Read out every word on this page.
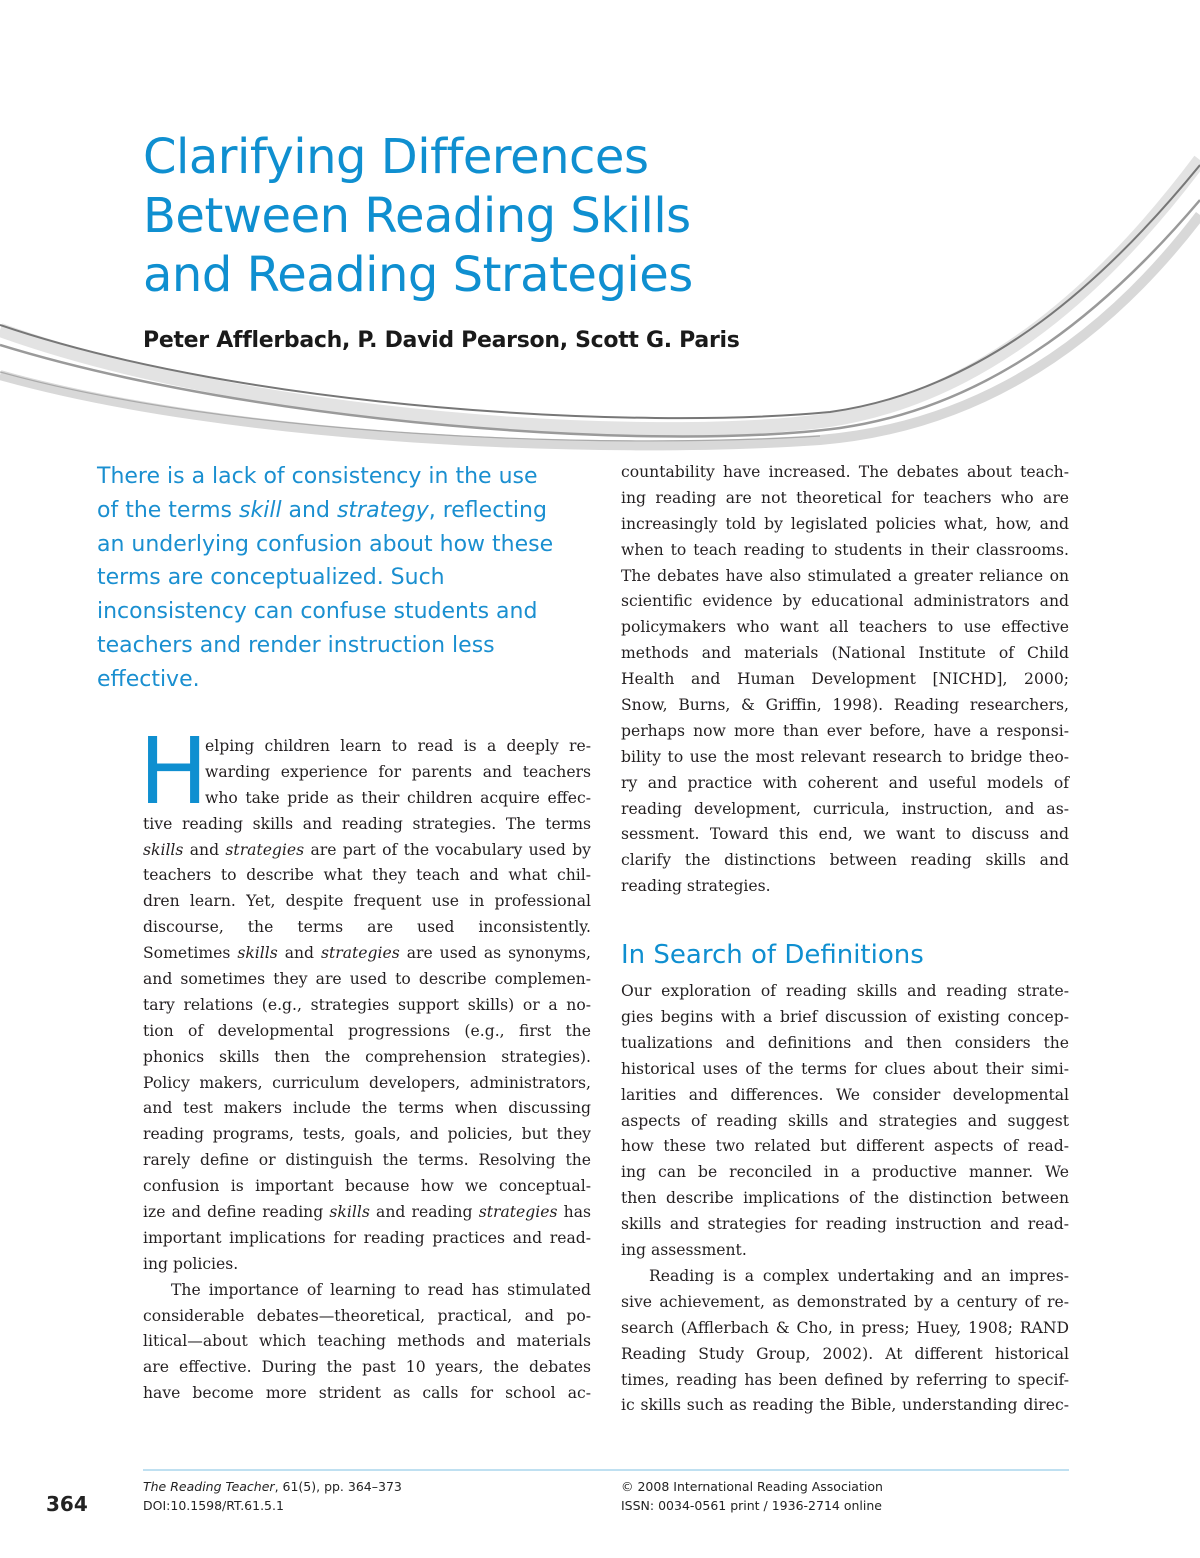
Clarifying Differences
Between Reading Skills
and Reading Strategies
Peter Afflerbach, P. David Pearson, Scott G. Paris
There is a lack of consistency in the use
of the terms skill and strategy, reflecting
an underlying confusion about how these
terms are conceptualized. Such
inconsistency can confuse students and
teachers and render instruction less
effective.
H
elping children learn to read is a deeply re-
warding experience for parents and teachers
who take pride as their children acquire effec-
tive reading skills and reading strategies. The terms
skills and strategies are part of the vocabulary used by
teachers to describe what they teach and what chil-
dren learn. Yet, despite frequent use in professional
discourse, the terms are used inconsistently.
Sometimes skills and strategies are used as synonyms,
and sometimes they are used to describe complemen-
tary relations (e.g., strategies support skills) or a no-
tion of developmental progressions (e.g., first the
phonics skills then the comprehension strategies).
Policy makers, curriculum developers, administrators,
and test makers include the terms when discussing
reading programs, tests, goals, and policies, but they
rarely define or distinguish the terms. Resolving the
confusion is important because how we conceptual-
ize and define reading skills and reading strategies has
important implications for reading practices and read-
ing policies.
The importance of learning to read has stimulated
considerable debates—theoretical, practical, and po-
litical—about which teaching methods and materials
are effective. During the past 10 years, the debates
have become more strident as calls for school ac-
countability have increased. The debates about teach-
ing reading are not theoretical for teachers who are
increasingly told by legislated policies what, how, and
when to teach reading to students in their classrooms.
The debates have also stimulated a greater reliance on
scientific evidence by educational administrators and
policymakers who want all teachers to use effective
methods and materials (National Institute of Child
Health and Human Development [NICHD], 2000;
Snow, Burns, & Griffin, 1998). Reading researchers,
perhaps now more than ever before, have a responsi-
bility to use the most relevant research to bridge theo-
ry and practice with coherent and useful models of
reading development, curricula, instruction, and as-
sessment. Toward this end, we want to discuss and
clarify the distinctions between reading skills and
reading strategies.
In Search of Definitions
Our exploration of reading skills and reading strate-
gies begins with a brief discussion of existing concep-
tualizations and definitions and then considers the
historical uses of the terms for clues about their simi-
larities and differences. We consider developmental
aspects of reading skills and strategies and suggest
how these two related but different aspects of read-
ing can be reconciled in a productive manner. We
then describe implications of the distinction between
skills and strategies for reading instruction and read-
ing assessment.
Reading is a complex undertaking and an impres-
sive achievement, as demonstrated by a century of re-
search (Afflerbach & Cho, in press; Huey, 1908; RAND
Reading Study Group, 2002). At different historical
times, reading has been defined by referring to specif-
ic skills such as reading the Bible, understanding direc-
364
The Reading Teacher, 61(5), pp. 364–373
DOI:10.1598/RT.61.5.1
© 2008 International Reading Association
ISSN: 0034-0561 print / 1936-2714 online
